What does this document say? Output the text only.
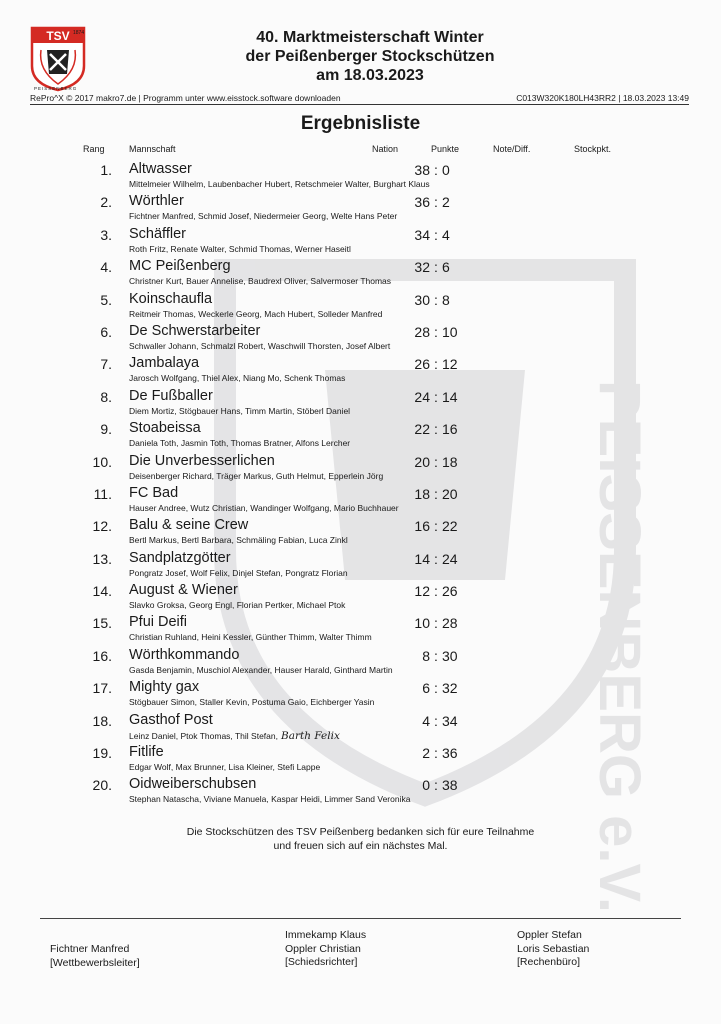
PEISSENBERG e.V.
TSV 1874
PEISSENBERG
40. Marktmeisterschaft Winter
der Peißenberger Stockschützen
am 18.03.2023
RePro^X © 2017 makro7.de | Programm unter www.eisstock.software downloaden	C013W320K180LH43RR2 | 18.03.2023 13:49
Ergebnisliste
Rang	Mannschaft	Nation	Punkte	Note/Diff.	Stockpkt.
1. Altwasser	38 : 0
Mittelmeier Wilhelm, Laubenbacher Hubert, Retschmeier Walter, Burghart Klaus
2. Wörthler	36 : 2
Fichtner Manfred, Schmid Josef, Niedermeier Georg, Welte Hans Peter
3. Schäffler	34 : 4
Roth Fritz, Renate Walter, Schmid Thomas, Werner Haseitl
4. MC Peißenberg	32 : 6
Christner Kurt, Bauer Annelise, Baudrexl Oliver, Salvermoser Thomas
5. Koinschaufla	30 : 8
Reitmeir Thomas, Weckerle Georg, Mach Hubert, Solleder Manfred
6. De Schwerstarbeiter	28 : 10
Schwaller Johann, Schmalzl Robert, Waschwill Thorsten, Josef Albert
7. Jambalaya	26 : 12
Jarosch Wolfgang, Thiel Alex, Niang Mo, Schenk Thomas
8. De Fußballer	24 : 14
Diem Mortiz, Stögbauer Hans, Timm Martin, Stöberl Daniel
9. Stoabeissa	22 : 16
Daniela Toth, Jasmin Toth, Thomas Bratner, Alfons Lercher
10. Die Unverbesserlichen	20 : 18
Deisenberger Richard, Träger Markus, Guth Helmut, Epperlein Jörg
11. FC Bad	18 : 20
Hauser Andree, Wutz Christian, Wandinger Wolfgang, Mario Buchhauer
12. Balu & seine Crew	16 : 22
Bertl Markus, Bertl Barbara, Schmäling Fabian, Luca Zinkl
13. Sandplatzgötter	14 : 24
Pongratz Josef, Wolf Felix, Dinjel Stefan, Pongratz Florian
14. August & Wiener	12 : 26
Slavko Groksa, Georg Engl, Florian Pertker, Michael Ptok
15. Pfui Deifi	10 : 28
Christian Ruhland, Heini Kessler, Günther Thimm, Walter Thimm
16. Wörthkommando	8 : 30
Gasda Benjamin, Muschiol Alexander, Hauser Harald, Ginthard Martin
17. Mighty gax	6 : 32
Stögbauer Simon, Staller Kevin, Postuma Gaio, Eichberger Yasin
18. Gasthof Post	4 : 34
Leinz Daniel, Ptok Thomas, Thil Stefan, Barth Felix
19. Fitlife	2 : 36
Edgar Wolf, Max Brunner, Lisa Kleiner, Stefi Lappe
20. Oidweiberschubsen	0 : 38
Stephan Natascha, Viviane Manuela, Kaspar Heidi, Limmer Sand Veronika
Die Stockschützen des TSV Peißenberg bedanken sich für eure Teilnahme
und freuen sich auf ein nächstes Mal.
Fichtner Manfred
[Wettbewerbsleiter]
Immekamp Klaus
Oppler Christian
[Schiedsrichter]
Oppler Stefan
Loris Sebastian
[Rechenbüro]
